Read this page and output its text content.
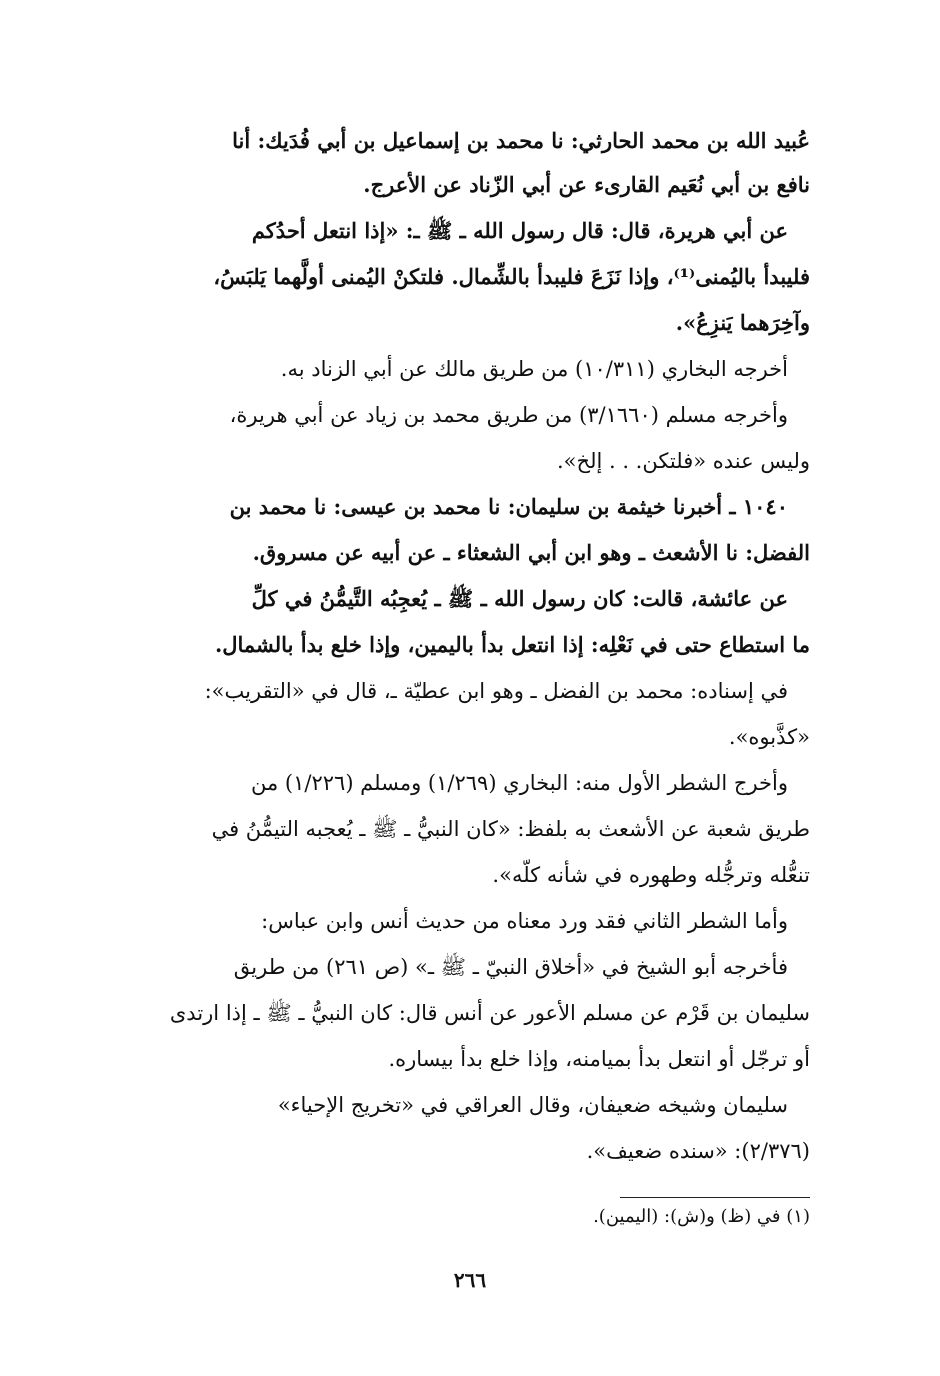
عُبيد الله بن محمد الحارثي: نا محمد بن إسماعيل بن أبي فُدَيك: أنا
نافع بن أبي نُعَيم القارىء عن أبي الزّناد عن الأعرج.
عن أبي هريرة، قال: قال رسول الله ـ ﷺ ـ: «إذا انتعل أحدُكم
فليبدأ باليُمنى⁽¹⁾، وإذا نَزَعَ فليبدأ بالشِّمال. فلتكنْ اليُمنى أولَّهما يَلبَسُ،
وآخِرَهما يَنزِعُ».
أخرجه البخاري (١٠/٣١١) من طريق مالك عن أبي الزناد به.
وأخرجه مسلم (٣/١٦٦٠) من طريق محمد بن زياد عن أبي هريرة،
وليس عنده «فلتكن. . . إلخ».
١٠٤٠ ـ أخبرنا خيثمة بن سليمان: نا محمد بن عيسى: نا محمد بن
الفضل: نا الأشعث ـ وهو ابن أبي الشعثاء ـ عن أبيه عن مسروق.
عن عائشة، قالت: كان رسول الله ـ ﷺ ـ يُعجِبُه التَّيمُّنُ في كلِّ
ما استطاع حتى في نَعْلِه: إذا انتعل بدأ باليمين، وإذا خلع بدأ بالشمال.
في إسناده: محمد بن الفضل ـ وهو ابن عطيّة ـ، قال في «التقريب»:
«كذَّبوه».
وأخرج الشطر الأول منه: البخاري (١/٢٦٩) ومسلم (١/٢٢٦) من
طريق شعبة عن الأشعث به بلفظ: «كان النبيُّ ـ ﷺ ـ يُعجبه التيمُّنُ في
تنعُّله وترجُّله وطهوره في شأنه كلّه».
وأما الشطر الثاني فقد ورد معناه من حديث أنس وابن عباس:
فأخرجه أبو الشيخ في «أخلاق النبيّ ـ ﷺ ـ» (ص ٢٦١) من طريق
سليمان بن قَرْم عن مسلم الأعور عن أنس قال: كان النبيُّ ـ ﷺ ـ إذا ارتدى
أو ترجّل أو انتعل بدأ بميامنه، وإذا خلع بدأ بيساره.
سليمان وشيخه ضعيفان، وقال العراقي في «تخريج الإحياء»
(٢/٣٧٦): «سنده ضعيف».
(١) في (ظ) و(ش): (اليمين).
٢٦٦
